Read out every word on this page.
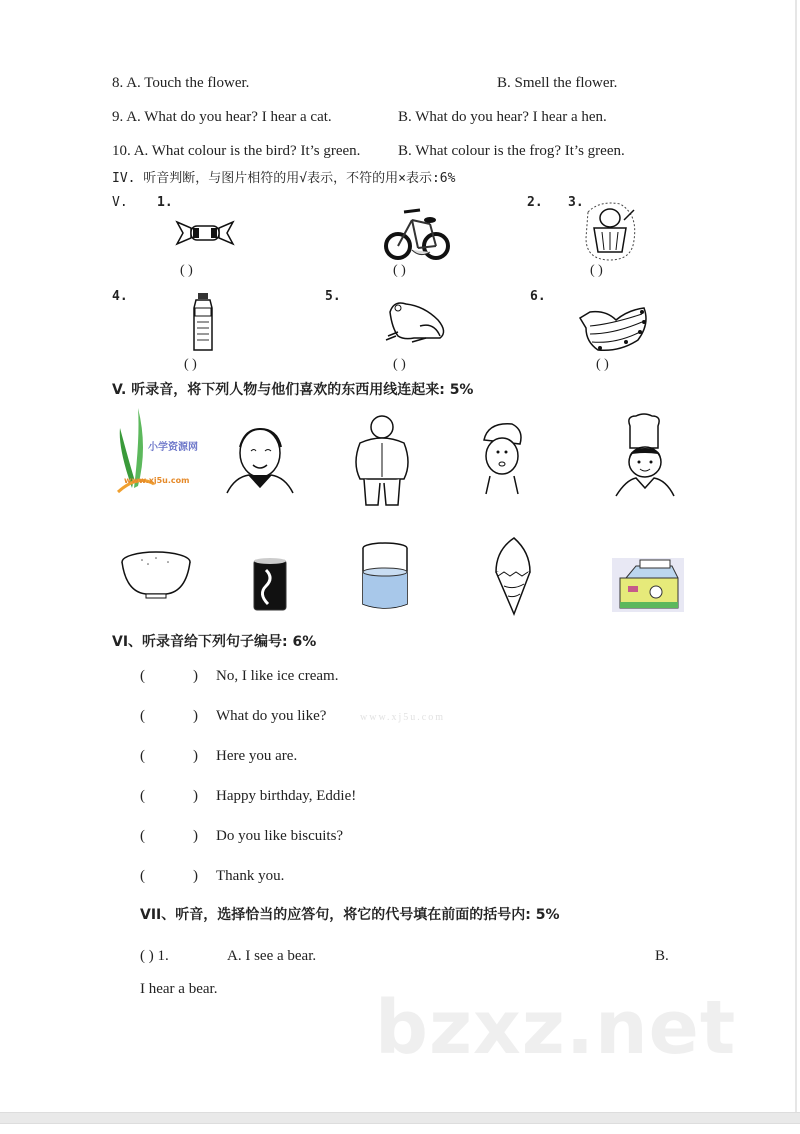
8. A. Touch the flower.	B. Smell the flower.
9. A. What do you hear? I hear a cat.	B. What do you hear? I hear a hen.
10. A. What colour is the bird? It’s green.	B. What colour is the frog? It’s green.
IV. 听音判断，与图片相符的用√表示，不符的用×表示:6%
V. 1.	2. 3.
( )	( )	( )
4.	5.	6.
( )	( )	( )
V. 听录音，将下列人物与他们喜欢的东西用线连起来: 5%
小学资源网
www.xj5u.com
VI、听录音给下列句子编号: 6%
(	) No, I like ice cream.
(	) What do you like?	www.xj5u.com
(	) Here you are.
(	) Happy birthday, Eddie!
(	) Do you like biscuits?
(	) Thank you.
VII、听音，选择恰当的应答句，将它的代号填在前面的括号内: 5%
( ) 1.	A. I see a bear.	B.
I hear a bear. bzxz.net
